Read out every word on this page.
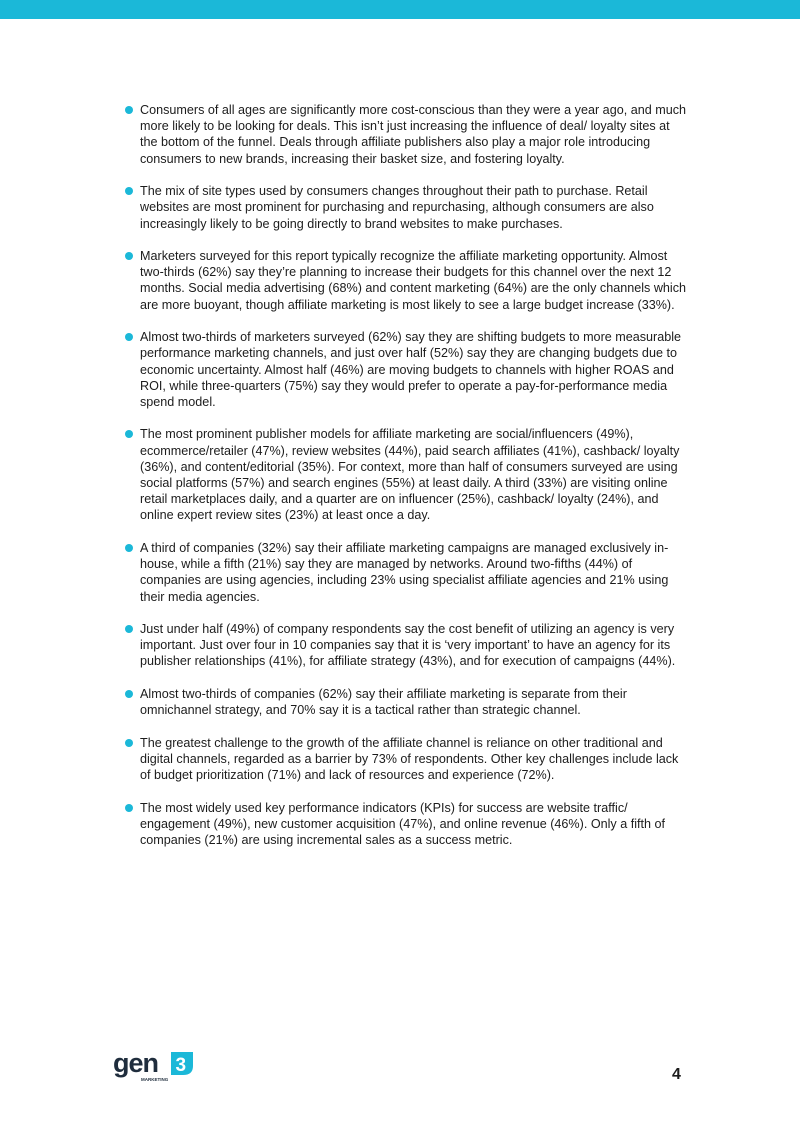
Consumers of all ages are significantly more cost-conscious than they were a year ago, and much more likely to be looking for deals. This isn’t just increasing the influence of deal/ loyalty sites at the bottom of the funnel. Deals through affiliate publishers also play a major role introducing consumers to new brands, increasing their basket size, and fostering loyalty.
The mix of site types used by consumers changes throughout their path to purchase. Retail websites are most prominent for purchasing and repurchasing, although consumers are also increasingly likely to be going directly to brand websites to make purchases.
Marketers surveyed for this report typically recognize the affiliate marketing opportunity. Almost two-thirds (62%) say they’re planning to increase their budgets for this channel over the next 12 months. Social media advertising (68%) and content marketing (64%) are the only channels which are more buoyant, though affiliate marketing is most likely to see a large budget increase (33%).
Almost two-thirds of marketers surveyed (62%) say they are shifting budgets to more measurable performance marketing channels, and just over half (52%) say they are changing budgets due to economic uncertainty. Almost half (46%) are moving budgets to channels with higher ROAS and ROI, while three-quarters (75%) say they would prefer to operate a pay-for-performance media spend model.
The most prominent publisher models for affiliate marketing are social/influencers (49%), ecommerce/retailer (47%), review websites (44%), paid search affiliates (41%), cashback/ loyalty (36%), and content/editorial (35%). For context, more than half of consumers surveyed are using social platforms (57%) and search engines (55%) at least daily. A third (33%) are visiting online retail marketplaces daily, and a quarter are on influencer (25%), cashback/ loyalty (24%), and online expert review sites (23%) at least once a day.
A third of companies (32%) say their affiliate marketing campaigns are managed exclusively in-house, while a fifth (21%) say they are managed by networks. Around two-fifths (44%) of companies are using agencies, including 23% using specialist affiliate agencies and 21% using their media agencies.
Just under half (49%) of company respondents say the cost benefit of utilizing an agency is very important. Just over four in 10 companies say that it is ‘very important’ to have an agency for its publisher relationships (41%), for affiliate strategy (43%), and for execution of campaigns (44%).
Almost two-thirds of companies (62%) say their affiliate marketing is separate from their omnichannel strategy, and 70% say it is a tactical rather than strategic channel.
The greatest challenge to the growth of the affiliate channel is reliance on other traditional and digital channels, regarded as a barrier by 73% of respondents. Other key challenges include lack of budget prioritization (71%) and lack of resources and experience (72%).
The most widely used key performance indicators (KPIs) for success are website traffic/ engagement (49%), new customer acquisition (47%), and online revenue (46%). Only a fifth of companies (21%) are using incremental sales as a success metric.
gen 3
MARKETING	4
